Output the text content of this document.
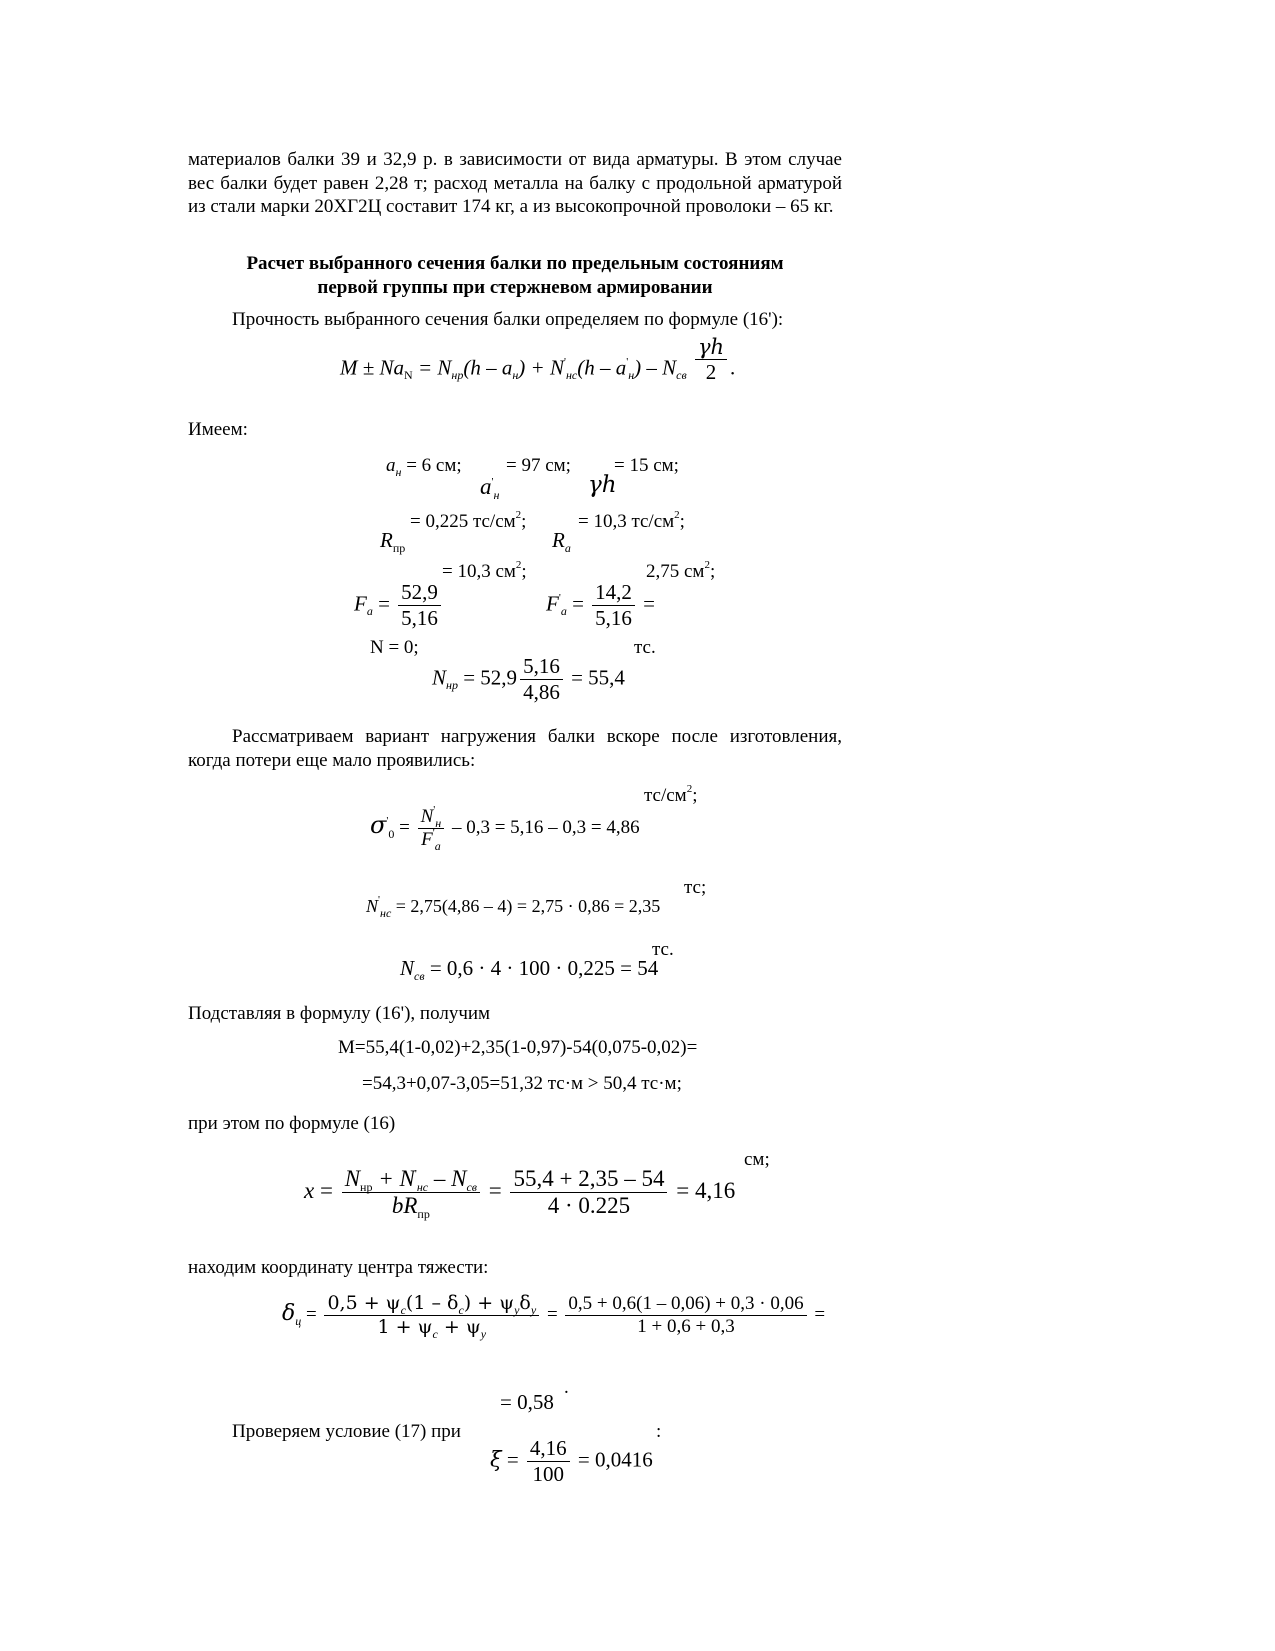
материалов балки 39 и 32,9 р. в зависимости от вида арматуры. В этом случае вес балки будет равен 2,28 т; расход металла на балку с продольной арматурой из стали марки 20ХГ2Ц составит 174 кг, а из высокопрочной проволоки – 65 кг.
Расчет выбранного сечения балки по предельным состояниям
первой группы при стержневом армировании
Прочность выбранного сечения балки определяем по формуле (16'):
$M \pm Na_N = N_{нр}(h - a_н) + N'_{нс}(h - a'_н) - N_{св} \frac{\gamma h}{2}$ .
Имеем:
$a_н = 6$ см; = 97 см; = 15 см;
$a'_н$	γh
= 0,225 $тс/см^2$;	= 10,3 $тс/см^2$;
$R_{пр}$	$R_а$
= 10,3 $см^2$;	2,75 $см^2$;
$F_а = \frac{52,9}{5,16}$	$F'_а = \frac{14,2}{5,16}$ =
N = 0;	тс.
$N_{нр} = 52,9 \frac{5,16}{4,86} = 55,4$
Рассматриваем вариант нагружения балки вскоре после изготовления, когда потери еще мало проявились:
$тс/см^2$;
$\sigma'_0 = \frac{N'_н}{F'_а} - 0,3 = 5,16 - 0,3 = 4,86$
тс;
$N'_{нс} = 2,75(4,86 - 4) = 2,75 \cdot 0,86 = 2,35$
тс.
$N_{св} = 0,6 \cdot 4 \cdot 100 \cdot 0,225 = 54$
Подставляя в формулу (16'), получим
M=55,4(1-0,02)+2,35(1-0,97)-54(0,075-0,02)=
=54,3+0,07-3,05=51,32 тс·м > 50,4 тс·м;
при этом по формуле (16)
см;
$x = \frac{N_{нр} + N'_{нс} - N_{св}}{bR_{пр}} = \frac{55,4 + 2,35 - 54}{4 \cdot 0.225} = 4,16$
находим координату центра тяжести:
$\delta_ц = \frac{0,5 + \psi_с(1 - \delta_с) + \psi_у\delta_у}{1 + \psi_с + \psi_у} = \frac{0,5 + 0,6(1 - 0,06) + 0,3 \cdot 0,06}{1 + 0,6 + 0,3}$ =
= 0,58
.
Проверяем условие (17) при	:
$\xi = \frac{4,16}{100} = 0,0416$
